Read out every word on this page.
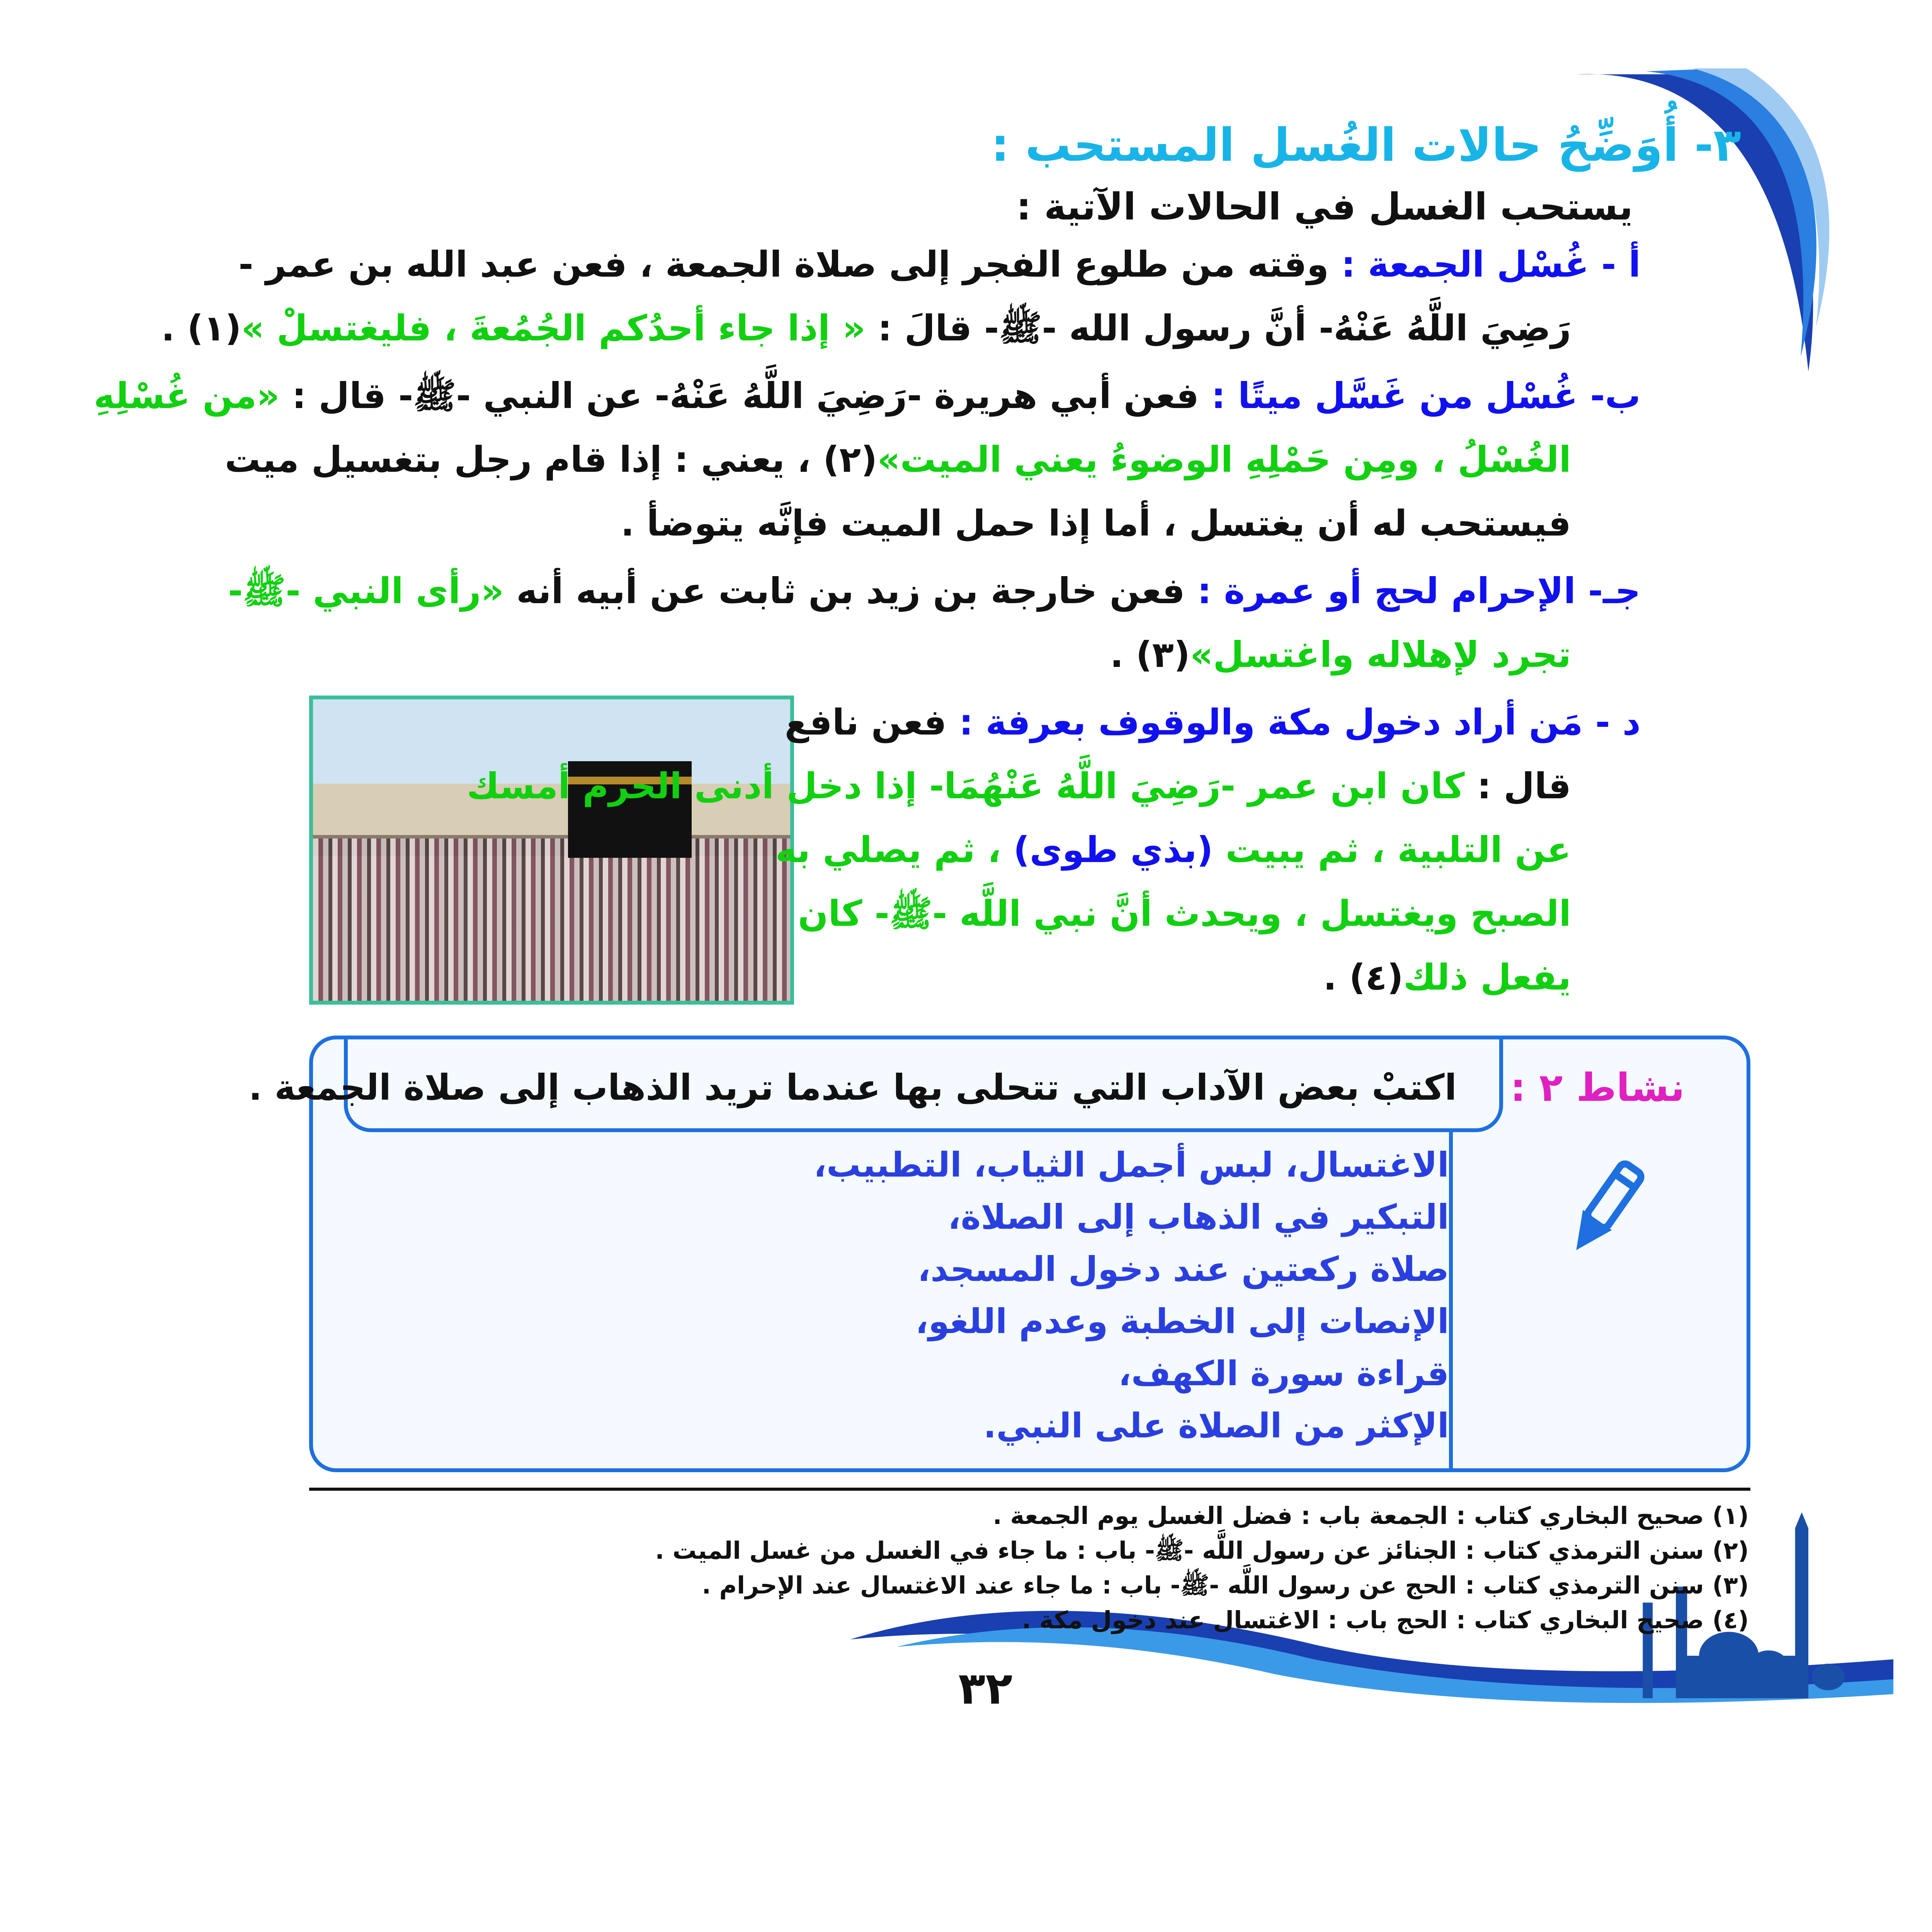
٣- أُوَضِّحُ حالات الغُسل المستحب :
يستحب الغسل في الحالات الآتية :
أ - غُسْل الجمعة : وقته من طلوع الفجر إلى صلاة الجمعة ، فعن عبد الله بن عمر -
رَضِيَ اللَّهُ عَنْهُ- أنَّ رسول الله -ﷺ- قالَ : « إذا جاء أحدُكم الجُمُعةَ ، فليغتسلْ »(١) .
ب- غُسْل من غَسَّل ميتًا : فعن أبي هريرة -رَضِيَ اللَّهُ عَنْهُ- عن النبي -ﷺ- قال : «من غُسْلِهِ
الغُسْلُ ، ومِن حَمْلِهِ الوضوءُ يعني الميت»(٢) ، يعني : إذا قام رجل بتغسيل ميت
فيستحب له أن يغتسل ، أما إذا حمل الميت فإنَّه يتوضأ .
جـ- الإحرام لحج أو عمرة : فعن خارجة بن زيد بن ثابت عن أبيه أنه «رأى النبي -ﷺ-
تجرد لإهلاله واغتسل»(٣) .
د - مَن أراد دخول مكة والوقوف بعرفة : فعن نافع
قال : كان ابن عمر -رَضِيَ اللَّهُ عَنْهُمَا- إذا دخل أدنى الحرم أمسك
عن التلبية ، ثم يبيت (بذي طوى) ، ثم يصلي به
الصبح ويغتسل ، ويحدث أنَّ نبي اللَّه -ﷺ- كان
يفعل ذلك(٤) .
نشاط ٢ :
اكتبْ بعض الآداب التي تتحلى بها عندما تريد الذهاب إلى صلاة الجمعة .
الاغتسال، لبس أجمل الثياب، التطبيب،
التبكير في الذهاب إلى الصلاة،
صلاة ركعتين عند دخول المسجد،
الإنصات إلى الخطبة وعدم اللغو،
قراءة سورة الكهف،
الإكثر من الصلاة على النبي.
(١) صحيح البخاري كتاب : الجمعة باب : فضل الغسل يوم الجمعة .
(٢) سنن الترمذي كتاب : الجنائز عن رسول اللَّه -ﷺ- باب : ما جاء في الغسل من غسل الميت .
(٣) سنن الترمذي كتاب : الحج عن رسول اللَّه -ﷺ- باب : ما جاء عند الاغتسال عند الإحرام .
(٤) صحيح البخاري كتاب : الحج باب : الاغتسال عند دخول مكة .
٣٢
